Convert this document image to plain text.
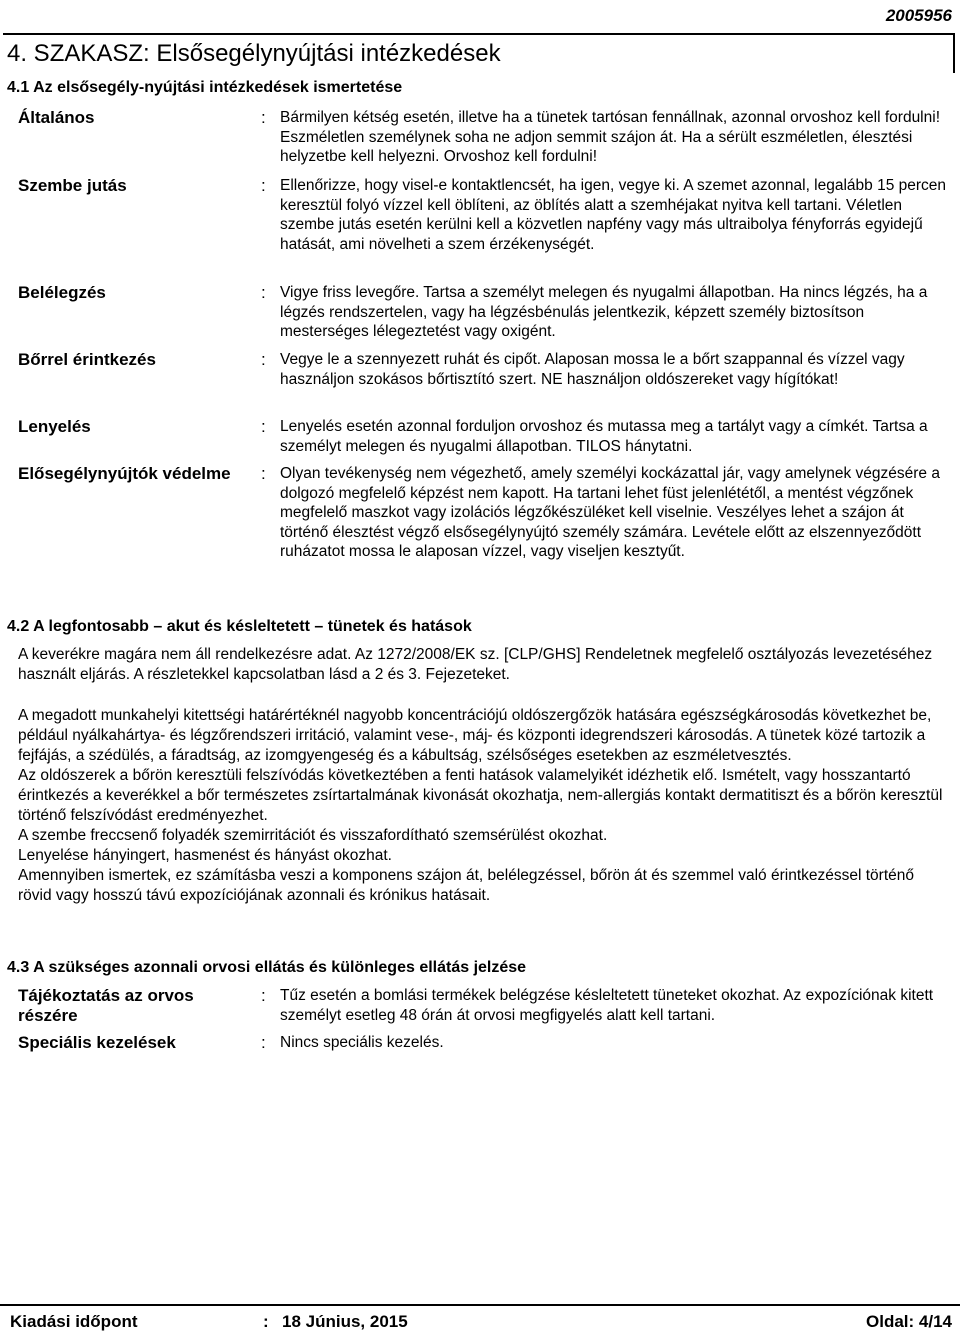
2005956
4. SZAKASZ: Elsősegélynyújtási intézkedések
4.1 Az elsősegély-nyújtási intézkedések ismertetése
Általános	: Bármilyen kétség esetén, illetve ha a tünetek tartósan fennállnak, azonnal orvoshoz kell fordulni! Eszméletlen személynek soha ne adjon semmit szájon át. Ha a sérült eszméletlen, élesztési helyzetbe kell helyezni. Orvoshoz kell fordulni!
Szembe jutás	: Ellenőrizze, hogy visel-e kontaktlencsét, ha igen, vegye ki. A szemet azonnal, legalább 15 percen keresztül folyó vízzel kell öblíteni, az öblítés alatt a szemhéjakat nyitva kell tartani. Véletlen szembe jutás esetén kerülni kell a közvetlen napfény vagy más ultraibolya fényforrás egyidejű hatását, ami növelheti a szem érzékenységét.
Belélegzés	: Vigye friss levegőre. Tartsa a személyt melegen és nyugalmi állapotban. Ha nincs légzés, ha a légzés rendszertelen, vagy ha légzésbénulás jelentkezik, képzett személy biztosítson mesterséges lélegeztetést vagy oxigént.
Bőrrel érintkezés	: Vegye le a szennyezett ruhát és cipőt. Alaposan mossa le a bőrt szappannal és vízzel vagy használjon szokásos bőrtisztító szert. NE használjon oldószereket vagy hígítókat!
Lenyelés	: Lenyelés esetén azonnal forduljon orvoshoz és mutassa meg a tartályt vagy a címkét. Tartsa a személyt melegen és nyugalmi állapotban. TILOS hánytatni.
Elősegélynyújtók védelme : Olyan tevékenység nem végezhető, amely személyi kockázattal jár, vagy amelynek végzésére a dolgozó megfelelő képzést nem kapott. Ha tartani lehet füst jelenlététől, a mentést végzőnek megfelelő maszkot vagy izolációs légzőkészüléket kell viselnie. Veszélyes lehet a szájon át történő élesztést végző elsősegélynyújtó személy számára. Levétele előtt az elszennyeződött ruházatot mossa le alaposan vízzel, vagy viseljen kesztyűt.
4.2 A legfontosabb – akut és késleltetett – tünetek és hatások

A keverékre magára nem áll rendelkezésre adat. Az 1272/2008/EK sz. [CLP/GHS] Rendeletnek megfelelő osztályozás levezetéséhez használt eljárás. A részletekkel kapcsolatban lásd a 2 és 3. Fejezeteket.

A megadott munkahelyi kitettségi határértéknél nagyobb koncentrációjú oldószergőzök hatására egészségkárosodás következhet be, például nyálkahártya- és légzőrendszeri irritáció, valamint vese-, máj- és központi idegrendszeri károsodás. A tünetek közé tartozik a fejfájás, a szédülés, a fáradtság, az izomgyengeség és a kábultság, szélsőséges esetekben az eszméletvesztés.

Az oldószerek a bőrön keresztüli felszívódás következtében a fenti hatások valamelyikét idézhetik elő. Ismételt, vagy hosszantartó érintkezés a keverékkel a bőr természetes zsírtartalmának kivonását okozhatja, nem-allergiás kontakt dermatitiszt és a bőrön keresztül történő felszívódást eredményezhet.

A szembe freccsenő folyadék szemirritációt és visszafordítható szemsérülést okozhat.

Lenyelése hányingert, hasmenést és hányást okozhat.

Amennyiben ismertek, ez számításba veszi a komponens szájon át, belélegzéssel, bőrön át és szemmel való érintkezéssel történő rövid vagy hosszú távú expozíciójának azonnali és krónikus hatásait.

4.3 A szükséges azonnali orvosi ellátás és különleges ellátás jelzése
Tájékoztatás az orvos részére
: Tűz esetén a bomlási termékek belégzése késleltetett tüneteket okozhat. Az expozíciónak kitett személyt esetleg 48 órán át orvosi megfigyelés alatt kell tartani.
Speciális kezelések	: Nincs speciális kezelés.
Kiadási időpont	: 18 Június, 2015	Oldal: 4/14
